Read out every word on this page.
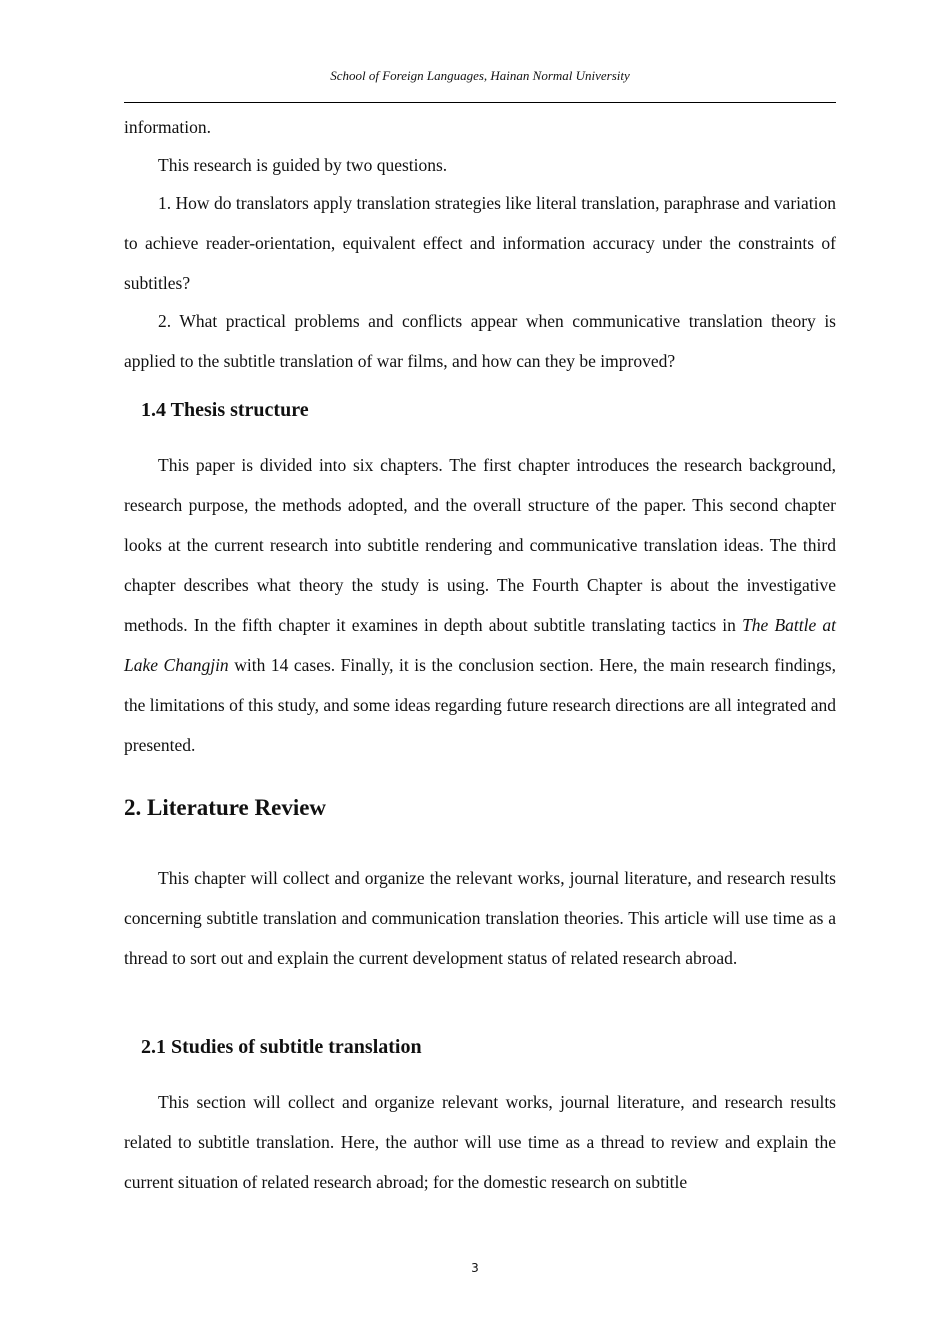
School of Foreign Languages, Hainan Normal University

information.

This research is guided by two questions.

1. How do translators apply translation strategies like literal translation, paraphrase and variation to achieve reader-orientation, equivalent effect and information accuracy under the constraints of subtitles?

2. What practical problems and conflicts appear when communicative translation theory is applied to the subtitle translation of war films, and how can they be improved?

1.4 Thesis structure

This paper is divided into six chapters. The first chapter introduces the research background, research purpose, the methods adopted, and the overall structure of the paper. This second chapter looks at the current research into subtitle rendering and communicative translation ideas. The third chapter describes what theory the study is using. The Fourth Chapter is about the investigative methods. In the fifth chapter it examines in depth about subtitle translating tactics in The Battle at Lake Changjin with 14 cases. Finally, it is the conclusion section. Here, the main research findings, the limitations of this study, and some ideas regarding future research directions are all integrated and presented.

2. Literature Review

This chapter will collect and organize the relevant works, journal literature, and research results concerning subtitle translation and communication translation theories. This article will use time as a thread to sort out and explain the current development status of related research abroad.

2.1 Studies of subtitle translation

This section will collect and organize relevant works, journal literature, and research results related to subtitle translation. Here, the author will use time as a thread to review and explain the current situation of related research abroad; for the domestic research on subtitle

3
